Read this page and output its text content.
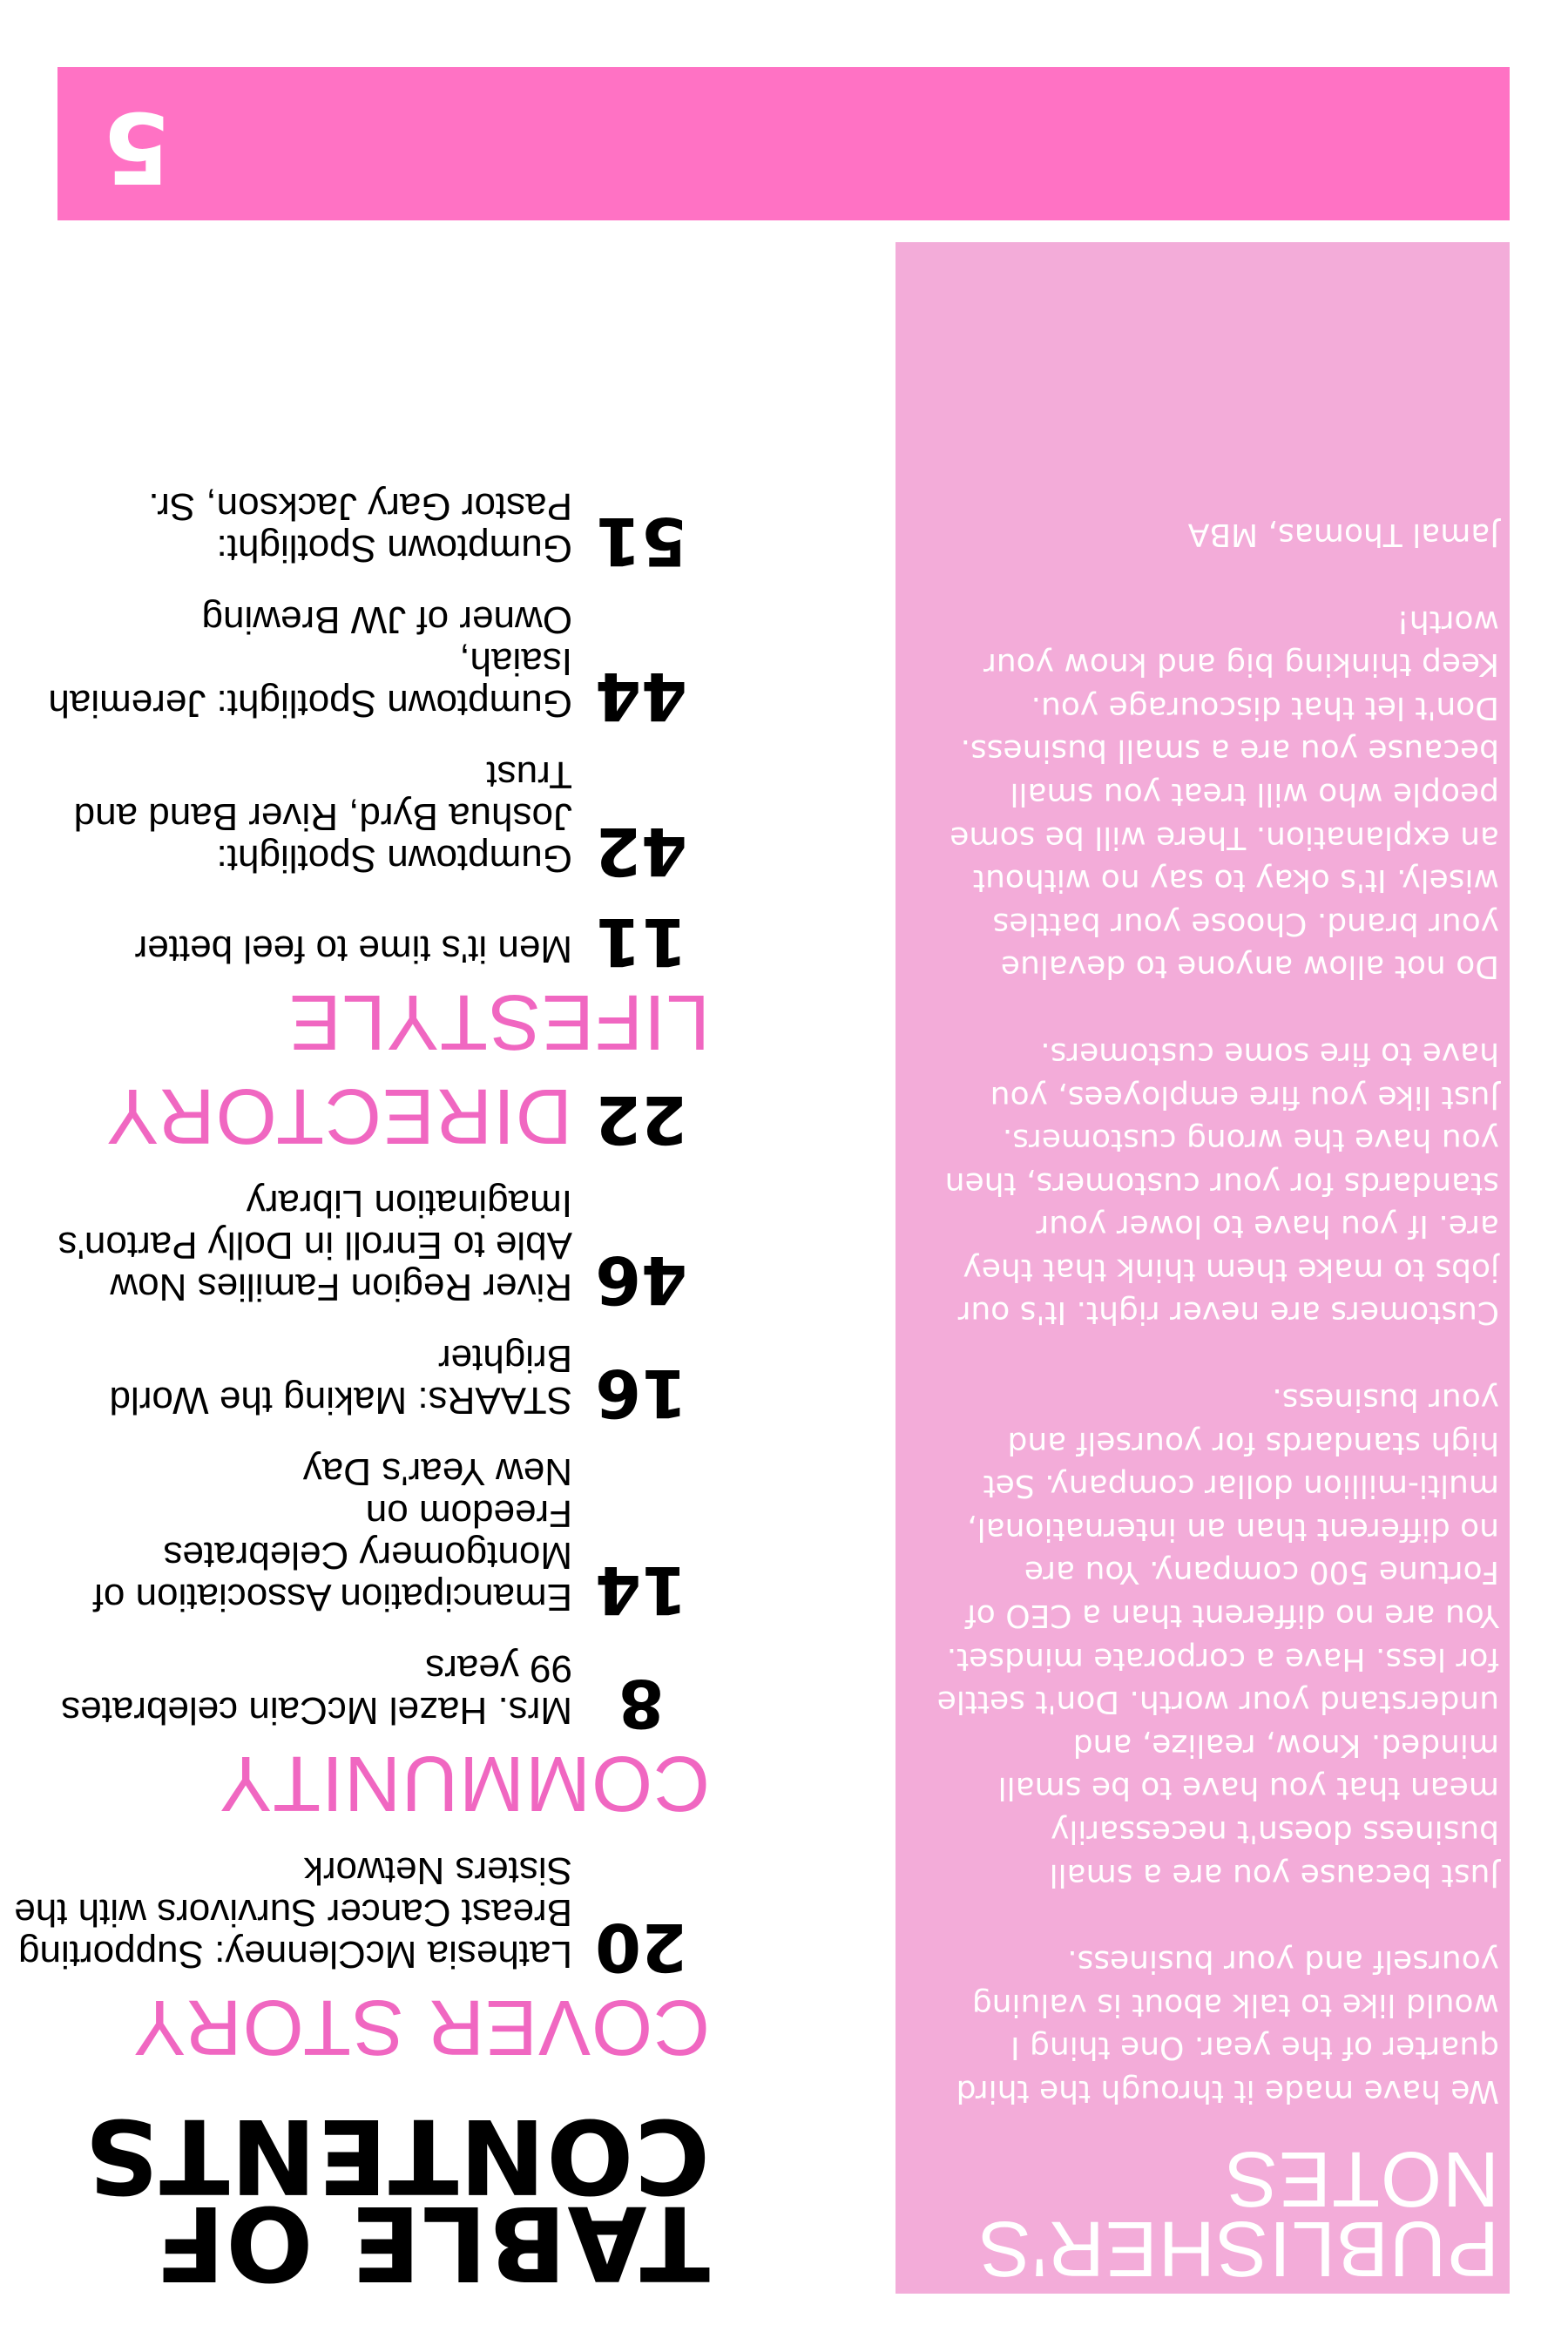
5
PUBLISHER'S NOTES

We have made it through the third
quarter of the year. One thing I
would like to talk about is valuing
yourself and your business.

Just because you are a small
business doesn't necessarily
mean that you have to be small
minded. Know, realize, and
understand your worth. Don't settle
for less. Have a corporate mindset.
You are no different than a CEO of
Fortune 500 company. You are
no different than an international,
multi-million dollar company. Set
high standards for yourself and
your business.

Customers are never right. It's our
jobs to make them think that they
are. If you have to lower your
standards for your customers, then
you have the wrong customers.
Just like you fire employees, you
have to fire some customers.

Do not allow anyone to devalue
your brand. Choose your battles
wisely. It's okay to say no without
an explanation. There will be some
people who will treat you small
because you are a small business.
Don't let that discourage you.
Keep thinking big and know your
worth!

Jamal Thomas, MBA

TABLE OF CONTENTS
COVER STORY
20
Lathesia McClenney: Supporting
Breast Cancer Survivors with the
Sisters Network
COMMUNITY
8
Mrs. Hazel McCain celebrates 99 years
14
Emancipation Association of
Montgomery Celebrates Freedom on
New Year's Day
16
STAARs: Making the World Brighter
46
River Region Families Now
Able to Enroll in Dolly Parton's
Imagination Library
22
DIRECTORY
LIFESTYLE
11
Men it's time to feel better
42
Gumptown Spotlight:
Joshua Byrd, River Band and Trust
44
Gumptown Spotlight: Jeremiah Isaiah,
Owner of JW Brewing
51
Gumptown Spotlight:
Pastor Gary Jackson, Sr.
